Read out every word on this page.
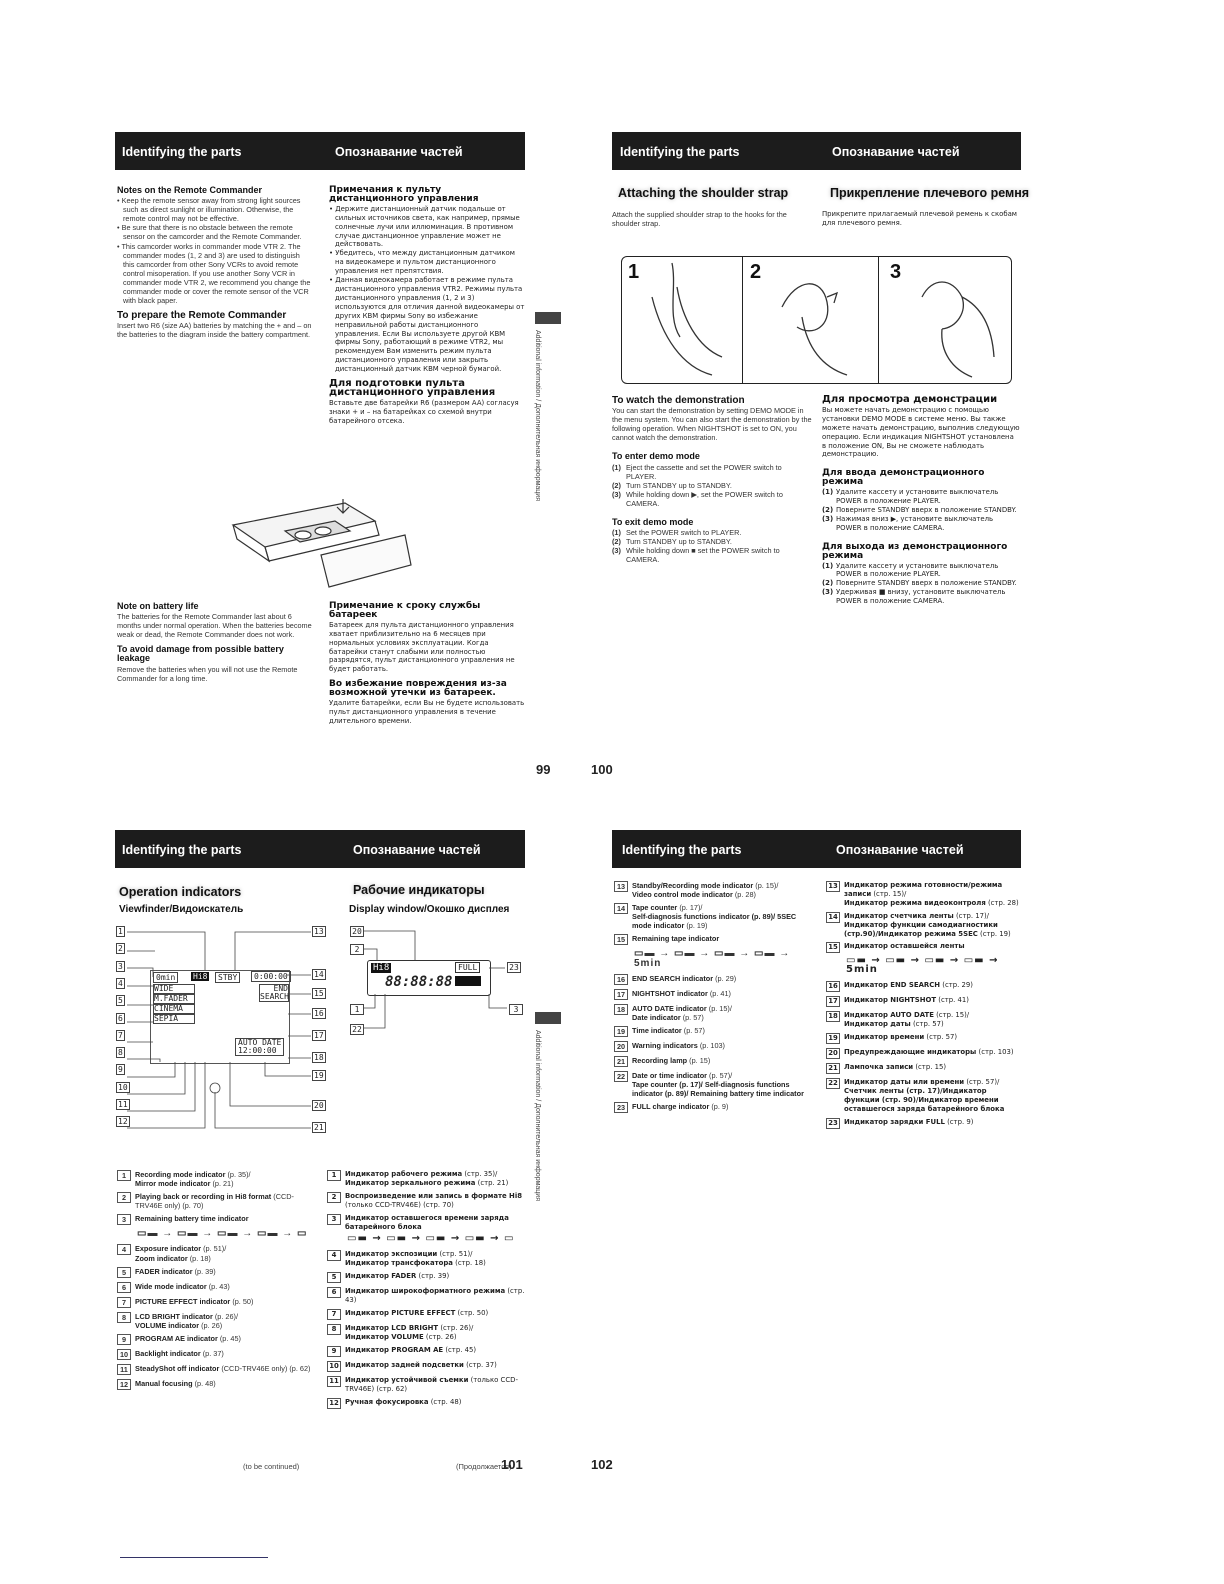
Identifying the parts	Опознавание частей
Notes on the Remote Commander

• Keep the remote sensor away from strong light sources such as direct sunlight or illumination. Otherwise, the remote control may not be effective.

• Be sure that there is no obstacle between the remote sensor on the camcorder and the Remote Commander.

• This camcorder works in commander mode VTR 2. The commander modes (1, 2 and 3) are used to distinguish this camcorder from other Sony VCRs to avoid remote control misoperation. If you use another Sony VCR in commander mode VTR 2, we recommend you change the commander mode or cover the remote sensor of the VCR with black paper.

To prepare the Remote Commander

Insert two R6 (size AA) batteries by matching the + and – on the batteries to the diagram inside the battery compartment.

Примечания к пульту дистанционного управления

• Держите дистанционный датчик подальше от сильных источников света, как например, прямые солнечные лучи или иллюминация. В противном случае дистанционное управление может не действовать.

• Убедитесь, что между дистанционным датчиком на видеокамере и пультом дистанционного управления нет препятствия.

• Данная видеокамера работает в режиме пульта дистанционного управления VTR2. Режимы пульта дистанционного управления (1, 2 и 3) используются для отличия данной видеокамеры от других КВМ фирмы Sony во избежание неправильной работы дистанционного управления. Если Вы используете другой КВМ фирмы Sony, работающий в режиме VTR2, мы рекомендуем Вам изменить режим пульта дистанционного управления или закрыть дистанционный датчик КВМ черной бумагой.

Для подготовки пульта дистанционного управления

Вставьте две батарейки R6 (размером AA) согласуя знаки + и – на батарейках со схемой внутри батарейного отсека.

Note on battery life

The batteries for the Remote Commander last about 6 months under normal operation. When the batteries become weak or dead, the Remote Commander does not work.

To avoid damage from possible battery leakage

Remove the batteries when you will not use the Remote Commander for a long time.

Примечание к сроку службы батареек

Батареек для пульта дистанционного управления хватает приблизительно на 6 месяцев при нормальных условиях эксплуатации. Когда батарейки станут слабыми или полностью разрядятся, пульт дистанционного управления не будет работать.

Во избежание повреждения из-за возможной утечки из батареек.

Удалите батарейки, если Вы не будете использовать пульт дистанционного управления в течение длительного времени.

Additional information / Дополнительная информация
99	100
Identifying the parts	Опознавание частей
Attaching the shoulder strap	Прикрепление плечевого ремня
Attach the supplied shoulder strap to the hooks for the shoulder strap.
Прикрепите прилагаемый плечевой ремень к скобам для плечевого ремня.
1	2	3
To watch the demonstration

You can start the demonstration by setting DEMO MODE in the menu system. You can also start the demonstration by the following operation. When NIGHTSHOT is set to ON, you cannot watch the demonstration.

To enter demo mode
(1) Eject the cassette and set the POWER switch to PLAYER.
(2) Turn STANDBY up to STANDBY.
(3) While holding down ▶, set the POWER switch to CAMERA.
To exit demo mode
(1) Set the POWER switch to PLAYER.
(2) Turn STANDBY up to STANDBY.
(3) While holding down ■ set the POWER switch to CAMERA.
Для просмотра демонстрации

Вы можете начать демонстрацию с помощью установки DEMO MODE в системе меню. Вы также можете начать демонстрацию, выполнив следующую операцию. Если индикация NIGHTSHOT установлена в положение ON, Вы не сможете наблюдать демонстрацию.

Для ввода демонстрационного режима
(1) Удалите кассету и установите выключатель POWER в положение PLAYER.
(2) Поверните STANDBY вверх в положение STANDBY.
(3) Нажимая вниз ▶, установите выключатель POWER в положение CAMERA.
Для выхода из демонстрационного режима
(1) Удалите кассету и установите выключатель POWER в положение PLAYER.
(2) Поверните STANDBY вверх в положение STANDBY.
(3) Удерживая ■ внизу, установите выключатель POWER в положение CAMERA.
Identifying the parts	Опознавание частей
Operation indicators	Рабочие индикаторы
Viewfinder/Видоискатель	Display window/Окошко дисплея
1
2
3
4
5
6
7
8
9
10
11
12
13
14
15
16
17
18
19
20
21
0min	Hi8	STBY	0:00:00
WIDE
M.FADER
CINEMA
SEPIA
END
SEARCH
AUTO DATE
12:00:00
Hi8	FULL
88:88:88
20
2
23
1	3
22
Additional information / Дополнительная информация
1	Recording mode indicator (p. 35)/
Mirror mode indicator (p. 21)
2	Playing back or recording in Hi8 format (CCD-TRV46E only) (p. 70)
3	Remaining battery time indicator
▭▬ → ▭▬ → ▭▬ → ▭▬ → ▭
4	Exposure indicator (p. 51)/
Zoom indicator (p. 18)
5	FADER indicator (p. 39)
6	Wide mode indicator (p. 43)
7	PICTURE EFFECT indicator (p. 50)
8	LCD BRIGHT indicator (p. 26)/
VOLUME indicator (p. 26)
9	PROGRAM AE indicator (p. 45)
10 Backlight indicator (p. 37)
11 SteadyShot off indicator (CCD-TRV46E only) (p. 62)
12 Manual focusing (p. 48)
1	Индикатор рабочего режима (стр. 35)/
Индикатор зеркального режима (стр. 21)
2	Воспроизведение или запись в формате Hi8 (только CCD-TRV46E) (стр. 70)
3	Индикатор оставшегося времени заряда батарейного блока
▭▬ → ▭▬ → ▭▬ → ▭▬ → ▭
4	Индикатор экспозиции (стр. 51)/
Индикатор трансфокатора (стр. 18)
5	Индикатор FADER (стр. 39)
6	Индикатор широкоформатного режима (стр. 43)
7	Индикатор PICTURE EFFECT (стр. 50)
8	Индикатор LCD BRIGHT (стр. 26)/
Индикатор VOLUME (стр. 26)
9	Индикатор PROGRAM AE (стр. 45)
10 Индикатор задней подсветки (стр. 37)
11 Индикатор устойчивой съемки (только CCD-TRV46E) (стр. 62)
12 Ручная фокусировка (стр. 48)
(to be continued)	(Продолжается)
101	102
Identifying the parts	Опознавание частей
13 Standby/Recording mode indicator (p. 15)/
Video control mode indicator (p. 28)
14 Tape counter (p. 17)/
Self-diagnosis functions indicator (p. 89)/ 5SEC mode indicator (p. 19)
15 Remaining tape indicator
▭▬ → ▭▬ → ▭▬ → ▭▬ → 5min
16 END SEARCH indicator (p. 29)
17 NIGHTSHOT indicator (p. 41)
18 AUTO DATE indicator (p. 15)/
Date indicator (p. 57)
19 Time indicator (p. 57)
20 Warning indicators (p. 103)
21 Recording lamp (p. 15)
22 Date or time indicator (p. 57)/
Tape counter (p. 17)/ Self-diagnosis functions indicator (p. 89)/ Remaining battery time indicator
23 FULL charge indicator (p. 9)
13 Индикатор режима готовности/режима записи (стр. 15)/
Индикатор режима видеоконтроля (стр. 28)
14 Индикатор счетчика ленты (стр. 17)/
Индикатор функции самодиагностики (стр.90)/Индикатор режима 5SEC (стр. 19)
15 Индикатор оставшейся ленты
▭▬ → ▭▬ → ▭▬ → ▭▬ → 5min
16 Индикатор END SEARCH (стр. 29)
17 Индикатор NIGHTSHOT (стр. 41)
18 Индикатор AUTO DATE (стр. 15)/
Индикатор даты (стр. 57)
19 Индикатор времени (стр. 57)
20 Предупреждающие индикаторы (стр. 103)
21 Лампочка записи (стр. 15)
22 Индикатор даты или времени (стр. 57)/
Счетчик ленты (стр. 17)/Индикатор функции (стр. 90)/Индикатор времени оставшегося заряда батарейного блока
23 Индикатор зарядки FULL (стр. 9)
